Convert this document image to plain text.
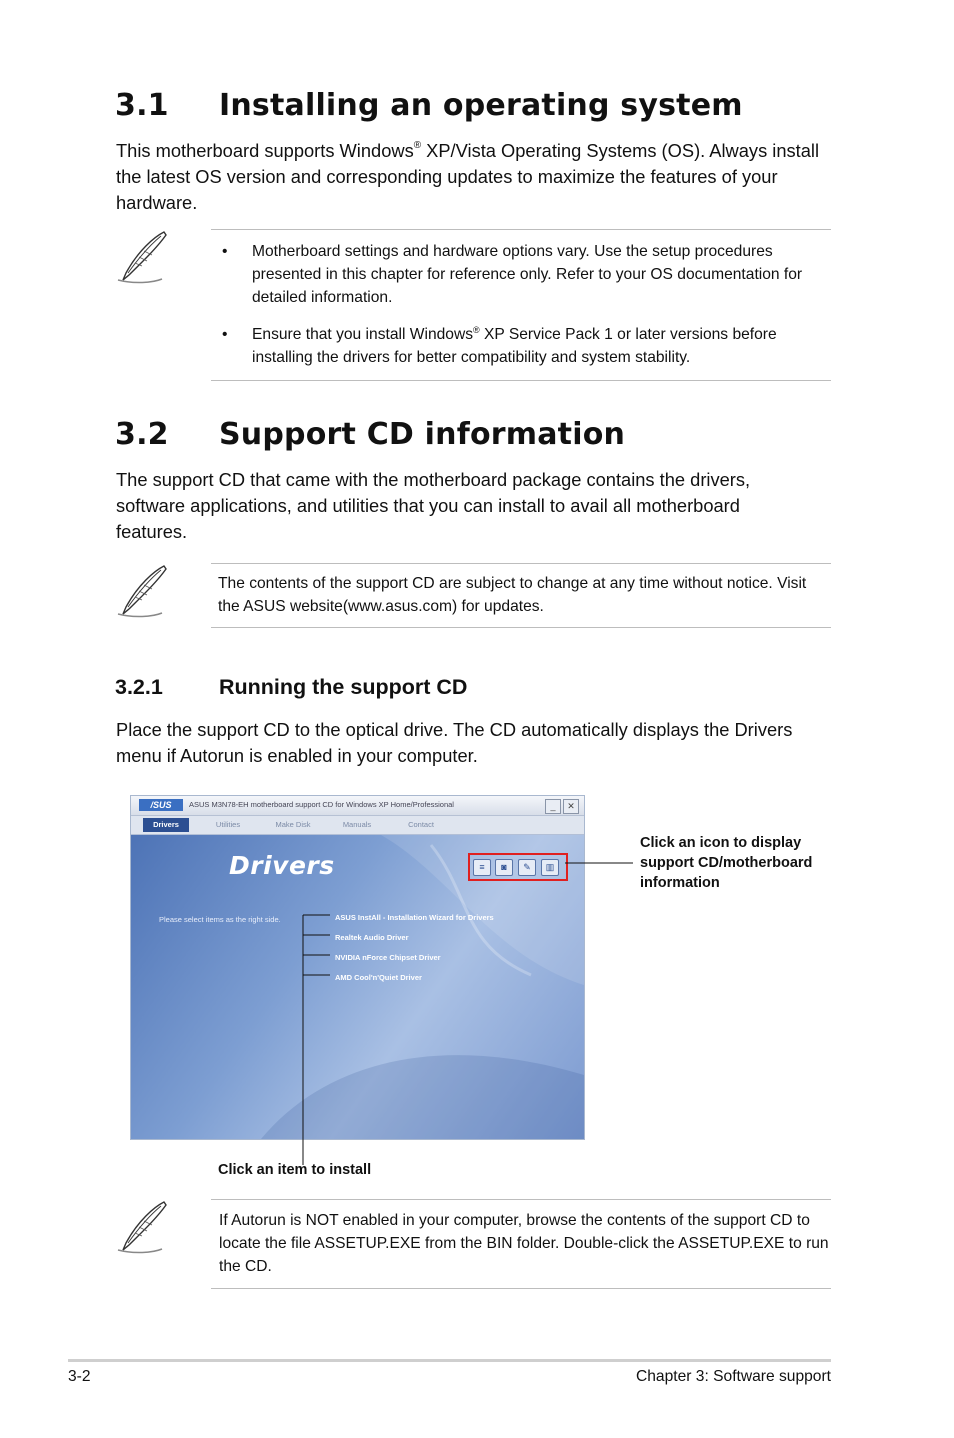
3.1 Installing an operating system

This motherboard supports Windows® XP/Vista Operating Systems (OS). Always install the latest OS version and corresponding updates to maximize the features of your hardware.

• Motherboard settings and hardware options vary. Use the setup procedures presented in this chapter for reference only. Refer to your OS documentation for detailed information.
• Ensure that you install Windows® XP Service Pack 1 or later versions before installing the drivers for better compatibility and system stability.
3.2 Support CD information

The support CD that came with the motherboard package contains the drivers, software applications, and utilities that you can install to avail all motherboard features.

The contents of the support CD are subject to change at any time without notice. Visit the ASUS website(www.asus.com) for updates.
3.2.1	Running the support CD

Place the support CD to the optical drive. The CD automatically displays the Drivers menu if Autorun is enabled in your computer.

/SUS	ASUS M3N78-EH motherboard support CD for Windows XP Home/Professional	_	✕
Drivers	Utilities	Make Disk	Manuals	Contact
Drivers
Please select items as the right side.
≡	◙	✎	▥
ASUS InstAll - Installation Wizard for Drivers
Realtek Audio Driver
NVIDIA nForce Chipset Driver
AMD Cool'n'Quiet Driver
Click an icon to display support CD/motherboard information
Click an item to install
If Autorun is NOT enabled in your computer, browse the contents of the support CD to locate the file ASSETUP.EXE from the BIN folder. Double-click the ASSETUP.EXE to run the CD.
3-2	Chapter 3: Software support
